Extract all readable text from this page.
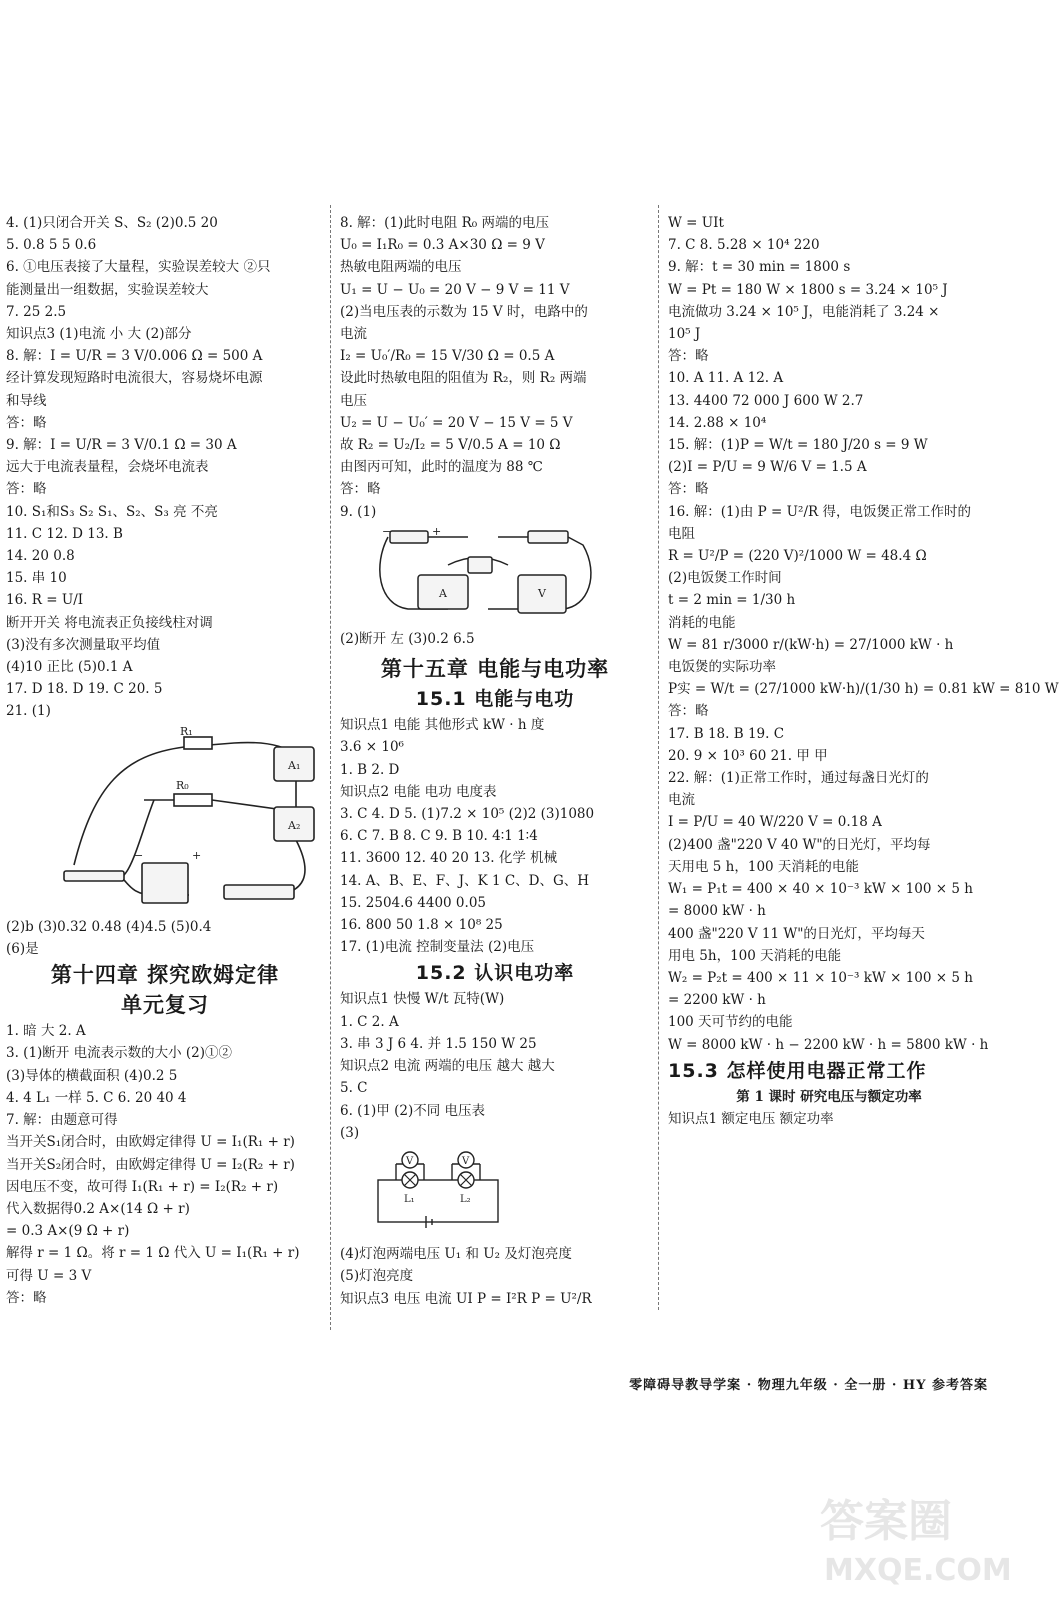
4. (1)只闭合开关 S、S₂ (2)0.5 20
5. 0.8 5 5 0.6
6. ①电压表接了大量程，实验误差较大 ②只
能测量出一组数据，实验误差较大
7. 25 2.5
知识点3 (1)电流 小 大 (2)部分
8. 解：I = U/R = 3 V/0.006 Ω = 500 A
经计算发现短路时电流很大，容易烧坏电源
和导线
答：略
9. 解：I = U/R = 3 V/0.1 Ω = 30 A
远大于电流表量程，会烧坏电流表
答：略
10. S₁和S₃ S₂ S₁、S₂、S₃ 亮 不亮
11. C 12. D 13. B
14. 20 0.8
15. 串 10
16. R = U/I
断开开关 将电流表正负接线柱对调
(3)没有多次测量取平均值
(4)10 正比 (5)0.1 A
17. D 18. D 19. C 20. 5
21. (1)
R₁
R₀
A₁
A₂
+
−
(2)b (3)0.32 0.48 (4)4.5 (5)0.4
(6)是
第十四章 探究欧姆定律
单元复习
1. 暗 大 2. A
3. (1)断开 电流表示数的大小 (2)①②
(3)导体的横截面积 (4)0.2 5
4. 4 L₁ 一样 5. C 6. 20 40 4
7. 解：由题意可得
当开关S₁闭合时，由欧姆定律得 U = I₁(R₁ + r)
当开关S₂闭合时，由欧姆定律得 U = I₂(R₂ + r)
因电压不变，故可得 I₁(R₁ + r) = I₂(R₂ + r)
代入数据得0.2 A×(14 Ω + r)
= 0.3 A×(9 Ω + r)
解得 r = 1 Ω。将 r = 1 Ω 代入 U = I₁(R₁ + r)
可得 U = 3 V
答：略
8. 解：(1)此时电阻 R₀ 两端的电压
U₀ = I₁R₀ = 0.3 A×30 Ω = 9 V
热敏电阻两端的电压
U₁ = U − U₀ = 20 V − 9 V = 11 V
(2)当电压表的示数为 15 V 时，电路中的
电流
I₂ = U₀′/R₀ = 15 V/30 Ω = 0.5 A
设此时热敏电阻的阻值为 R₂，则 R₂ 两端
电压
U₂ = U − U₀′ = 20 V − 15 V = 5 V
故 R₂ = U₂/I₂ = 5 V/0.5 A = 10 Ω
由图丙可知，此时的温度为 88 ℃
答：略
9. (1)
−	+
A	V
(2)断开 左 (3)0.2 6.5
第十五章 电能与电功率
15.1 电能与电功
知识点1 电能 其他形式 kW · h 度
3.6 × 10⁶
1. B 2. D
知识点2 电能 电功 电度表
3. C 4. D 5. (1)7.2 × 10⁵ (2)2 (3)1080
6. C 7. B 8. C 9. B 10. 4∶1 1∶4
11. 3600 12. 40 20 13. 化学 机械
14. A、B、E、F、J、K 1 C、D、G、H
15. 2504.6 4400 0.05
16. 800 50 1.8 × 10⁸ 25
17. (1)电流 控制变量法 (2)电压
15.2 认识电功率
知识点1 快慢 W/t 瓦特(W)
1. C 2. A
3. 串 3 J 6 4. 并 1.5 150 W 25
知识点2 电流 两端的电压 越大 越大
5. C
6. (1)甲 (2)不同 电压表
(3)
V	V
L₁	L₂
(4)灯泡两端电压 U₁ 和 U₂ 及灯泡亮度
(5)灯泡亮度
知识点3 电压 电流 UI P = I²R P = U²/R
W = UIt
7. C 8. 5.28 × 10⁴ 220
9. 解：t = 30 min = 1800 s
W = Pt = 180 W × 1800 s = 3.24 × 10⁵ J
电流做功 3.24 × 10⁵ J，电能消耗了 3.24 ×
10⁵ J
答：略
10. A 11. A 12. A
13. 4400 72 000 J 600 W 2.7
14. 2.88 × 10⁴
15. 解：(1)P = W/t = 180 J/20 s = 9 W
(2)I = P/U = 9 W/6 V = 1.5 A
答：略
16. 解：(1)由 P = U²/R 得，电饭煲正常工作时的
电阻
R = U²/P = (220 V)²/1000 W = 48.4 Ω
(2)电饭煲工作时间
t = 2 min = 1/30 h
消耗的电能
W = 81 r/3000 r/(kW·h) = 27/1000 kW · h
电饭煲的实际功率
P实 = W/t = (27/1000 kW·h)/(1/30 h) = 0.81 kW = 810 W
答：略
17. B 18. B 19. C
20. 9 × 10³ 60 21. 甲 甲
22. 解：(1)正常工作时，通过每盏日光灯的
电流
I = P/U = 40 W/220 V = 0.18 A
(2)400 盏"220 V 40 W"的日光灯，平均每
天用电 5 h，100 天消耗的电能
W₁ = P₁t = 400 × 40 × 10⁻³ kW × 100 × 5 h
= 8000 kW · h
400 盏"220 V 11 W"的日光灯，平均每天
用电 5h，100 天消耗的电能
W₂ = P₂t = 400 × 11 × 10⁻³ kW × 100 × 5 h
= 2200 kW · h
100 天可节约的电能
W = 8000 kW · h − 2200 kW · h = 5800 kW · h
15.3 怎样使用电器正常工作
第 1 课时 研究电压与额定功率
知识点1 额定电压 额定功率
零障碍导教导学案 · 物理九年级 · 全一册 · HY 参考答案
答案圈
MXQE.COM
